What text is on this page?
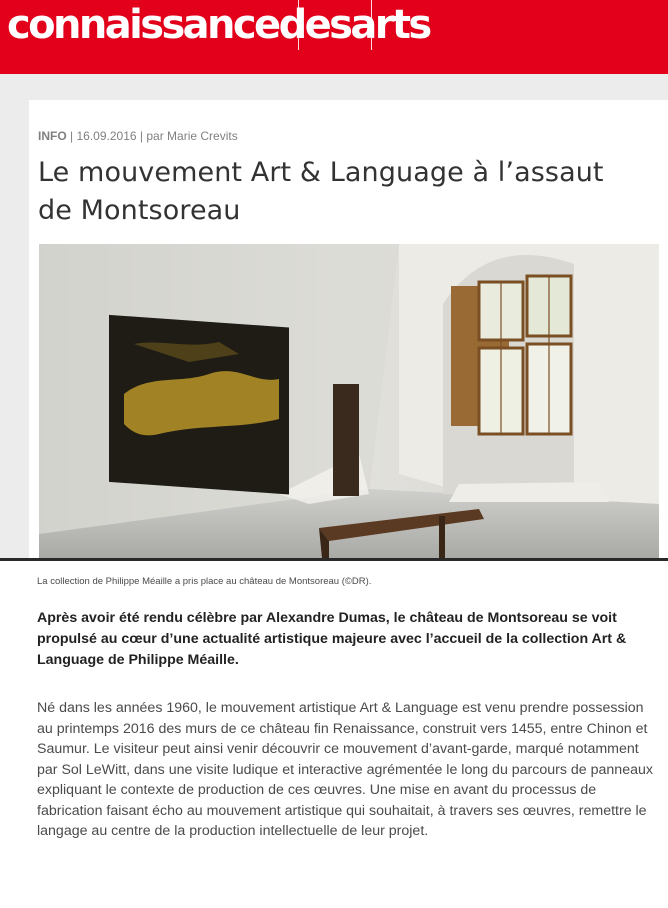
connaissance
des
arts
INFO | 16.09.2016 | par Marie Crevits
Le mouvement Art & Language à l’assaut de Montsoreau
La collection de Philippe Méaille a pris place au château de Montsoreau (©DR).

Après avoir été rendu célèbre par Alexandre Dumas, le château de Montsoreau se voit propulsé au cœur d’une actualité artistique majeure avec l’accueil de la collection Art & Language de Philippe Méaille.

Né dans les années 1960, le mouvement artistique Art & Language est venu prendre possession au printemps 2016 des murs de ce château fin Renaissance, construit vers 1455, entre Chinon et Saumur. Le visiteur peut ainsi venir découvrir ce mouvement d’avant-garde, marqué notamment par Sol LeWitt, dans une visite ludique et interactive agrémentée le long du parcours de panneaux expliquant le contexte de production de ces œuvres. Une mise en avant du processus de fabrication faisant écho au mouvement artistique qui souhaitait, à travers ses œuvres, remettre le langage au centre de la production intellectuelle de leur projet.
